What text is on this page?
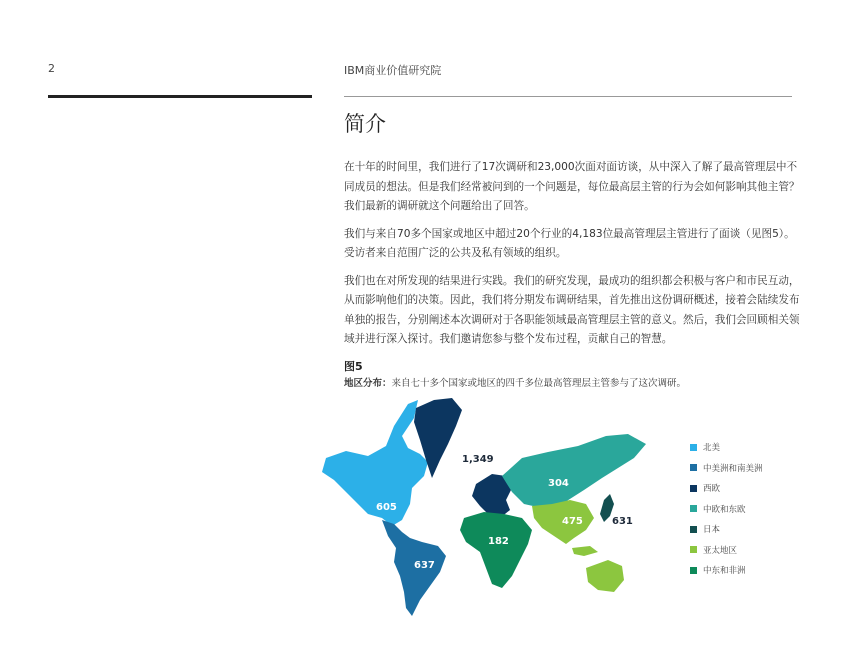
2	IBM商业价值研究院
简介

在十年的时间里，我们进行了17次调研和23,000次面对面访谈，从中深入了解了最高管理层中不同成员的想法。但是我们经常被问到的一个问题是，每位最高层主管的行为会如何影响其他主管？我们最新的调研就这个问题给出了回答。

我们与来自70多个国家或地区中超过20个行业的4,183位最高管理层主管进行了面谈（见图5）。受访者来自范围广泛的公共及私有领域的组织。

我们也在对所发现的结果进行实践。我们的研究发现，最成功的组织都会积极与客户和市民互动，从而影响他们的决策。因此，我们将分期发布调研结果，首先推出这份调研概述，接着会陆续发布单独的报告，分别阐述本次调研对于各职能领域最高管理层主管的意义。然后，我们会回顾相关领域并进行深入探讨。我们邀请您参与整个发布过程，贡献自己的智慧。

图5
地区分布：来自七十多个国家或地区的四千多位最高管理层主管参与了这次调研。
605
637
1,349
304
182
475	631
北美
中美洲和南美洲
西欧
中欧和东欧
日本
亚太地区
中东和非洲
